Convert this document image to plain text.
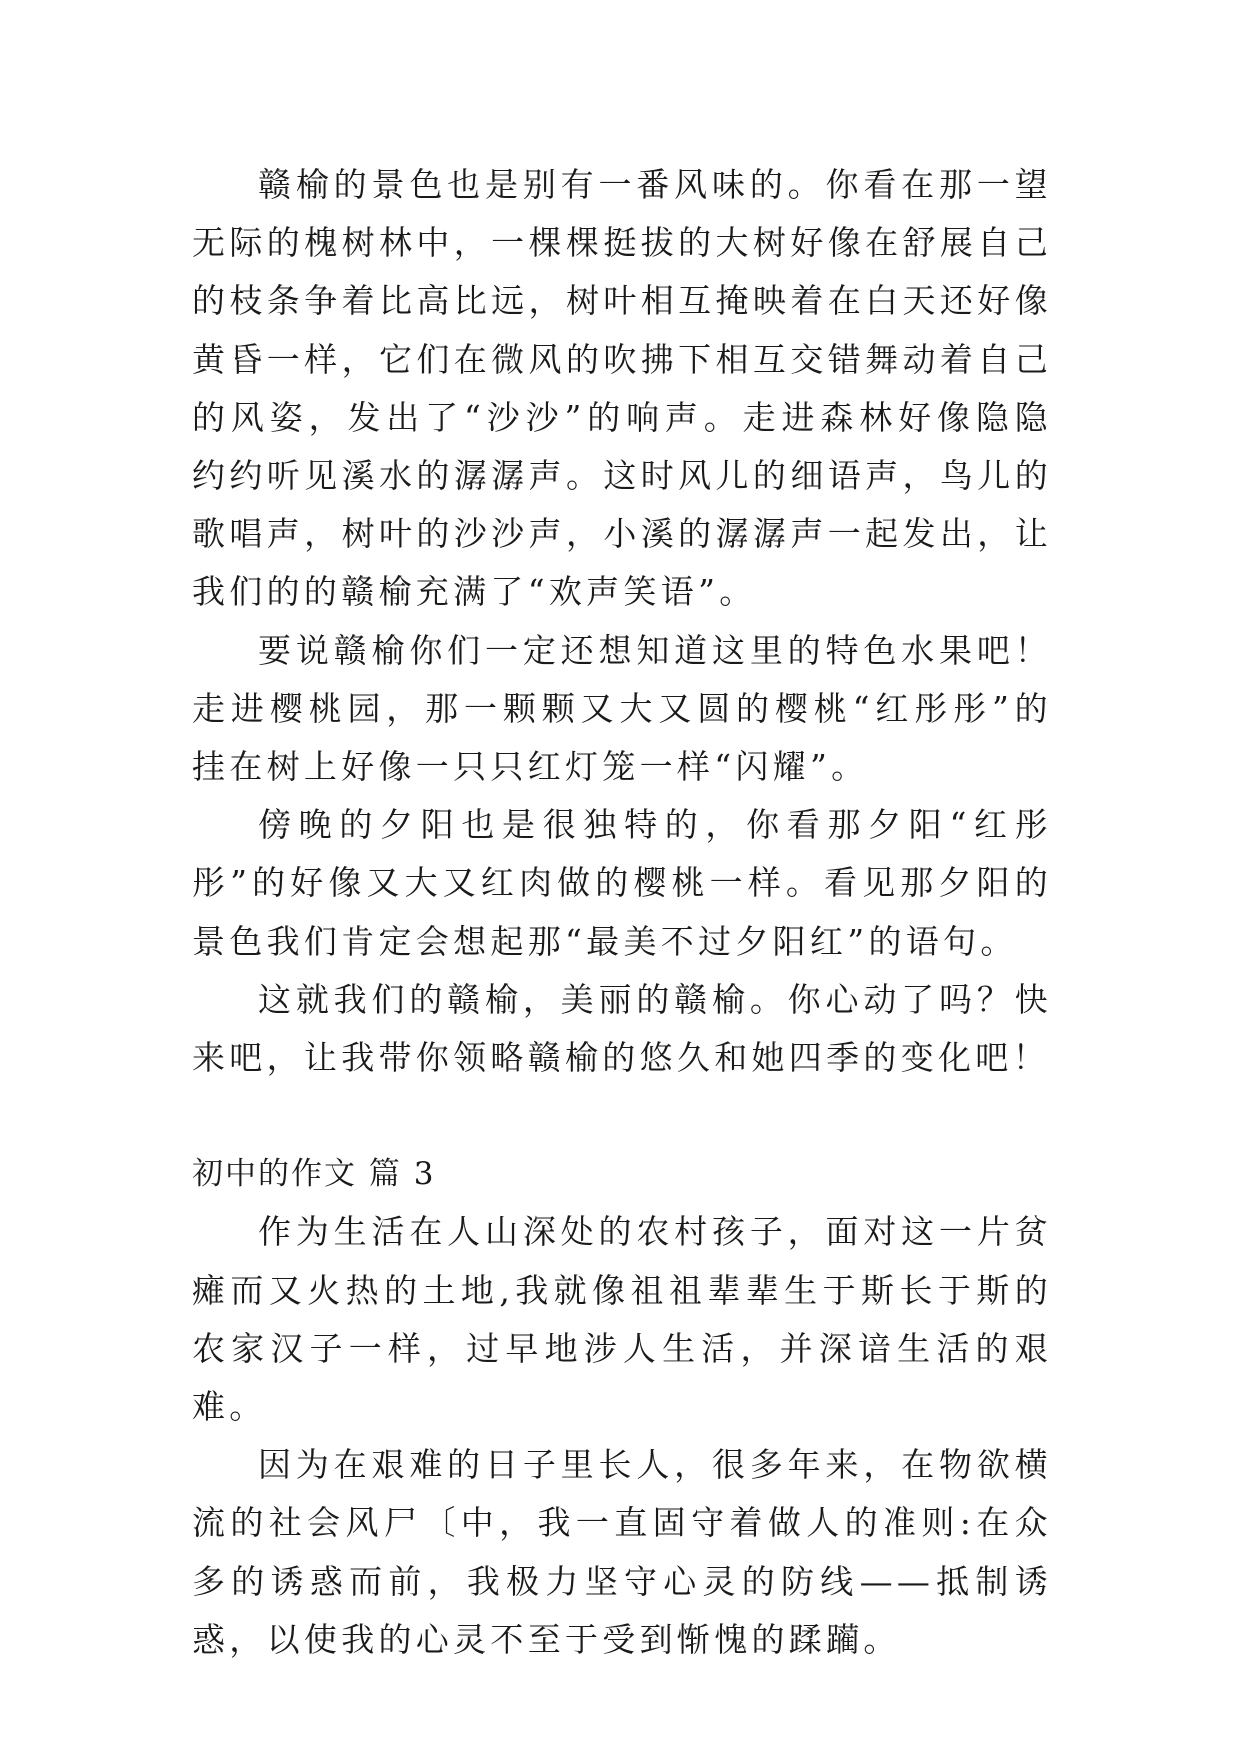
赣榆的景色也是别有一番风味的。你看在那一望无际的槐树林中，一棵棵挺拔的大树好像在舒展自己的枝条争着比高比远，树叶相互掩映着在白天还好像黄昏一样，它们在微风的吹拂下相互交错舞动着自己的风姿，发出了“沙沙”的响声。走进森林好像隐隐约约听见溪水的潺潺声。这时风儿的细语声，鸟儿的歌唱声，树叶的沙沙声，小溪的潺潺声一起发出，让我们的的赣榆充满了“欢声笑语”。

要说赣榆你们一定还想知道这里的特色水果吧！走进樱桃园，那一颗颗又大又圆的樱桃“红彤彤”的挂在树上好像一只只红灯笼一样“闪耀”。

傍晚的夕阳也是很独特的，你看那夕阳“红彤彤”的好像又大又红肉做的樱桃一样。看见那夕阳的景色我们肯定会想起那“最美不过夕阳红”的语句。

这就我们的赣榆，美丽的赣榆。你心动了吗？快来吧，让我带你领略赣榆的悠久和她四季的变化吧！

初中的作文 篇 3

作为生活在人山深处的农村孩子，面对这一片贫瘫而又火热的土地,我就像祖祖辈辈生于斯长于斯的农家汉子一样，过早地涉人生活，并深谙生活的艰难。

因为在艰难的日子里长人，很多年来，在物欲横流的社会风尸〔中，我一直固守着做人的准则:在众多的诱惑而前，我极力坚守心灵的防线——抵制诱惑，以使我的心灵不至于受到惭愧的蹂躏。
